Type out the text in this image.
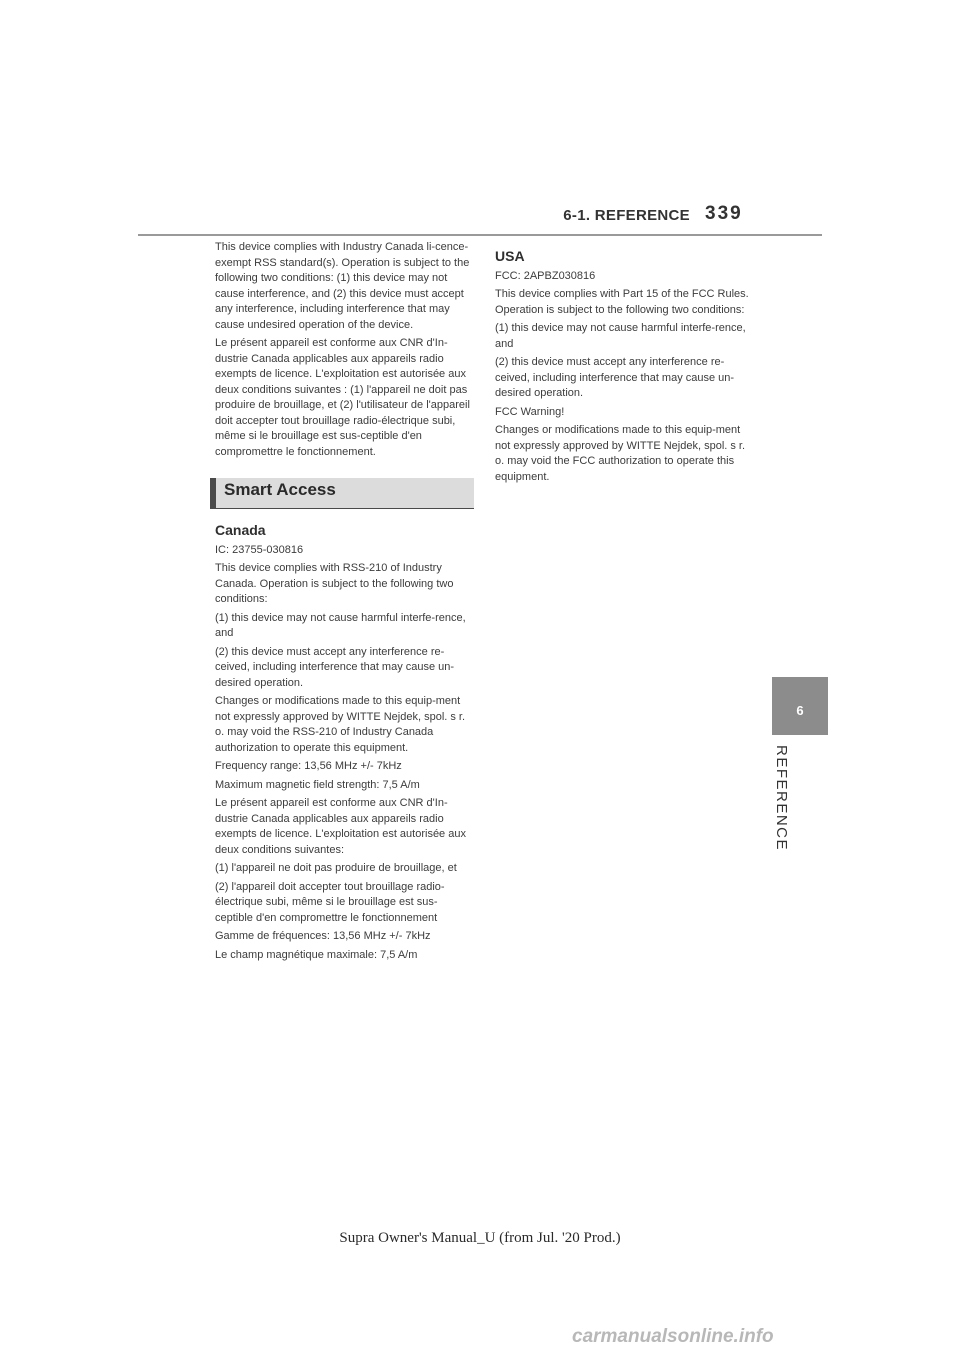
6-1. REFERENCE 339
6
REFERENCE

This device complies with Industry Canada li-cence-exempt RSS standard(s). Operation is subject to the following two conditions: (1) this device may not cause interference, and (2) this device must accept any interference, including interference that may cause undesired operation of the device.

Le présent appareil est conforme aux CNR d'In-dustrie Canada applicables aux appareils radio exempts de licence. L'exploitation est autorisée aux deux conditions suivantes : (1) l'appareil ne doit pas produire de brouillage, et (2) l'utilisateur de l'appareil doit accepter tout brouillage radio-électrique subi, même si le brouillage est sus-ceptible d'en compromettre le fonctionnement.

Smart Access
Canada

IC: 23755-030816

This device complies with RSS-210 of Industry Canada. Operation is subject to the following two conditions:

(1) this device may not cause harmful interfe-rence, and

(2) this device must accept any interference re-ceived, including interference that may cause un-desired operation.

Changes or modifications made to this equip-ment not expressly approved by WITTE Nejdek, spol. s r. o. may void the RSS-210 of Industry Canada authorization to operate this equipment.

Frequency range: 13,56 MHz +/- 7kHz

Maximum magnetic field strength: 7,5 A/m

Le présent appareil est conforme aux CNR d'In-dustrie Canada applicables aux appareils radio exempts de licence. L'exploitation est autorisée aux deux conditions suivantes:

(1) l'appareil ne doit pas produire de brouillage, et

(2) l'appareil doit accepter tout brouillage radio-électrique subi, même si le brouillage est sus-ceptible d'en compromettre le fonctionnement

Gamme de fréquences: 13,56 MHz +/- 7kHz

Le champ magnétique maximale: 7,5 A/m

USA

FCC: 2APBZ030816

This device complies with Part 15 of the FCC Rules. Operation is subject to the following two conditions:

(1) this device may not cause harmful interfe-rence, and

(2) this device must accept any interference re-ceived, including interference that may cause un-desired operation.

FCC Warning!

Changes or modifications made to this equip-ment not expressly approved by WITTE Nejdek, spol. s r. o. may void the FCC authorization to operate this equipment.

Supra Owner's Manual_U (from Jul. '20 Prod.)
carmanualsonline.info
